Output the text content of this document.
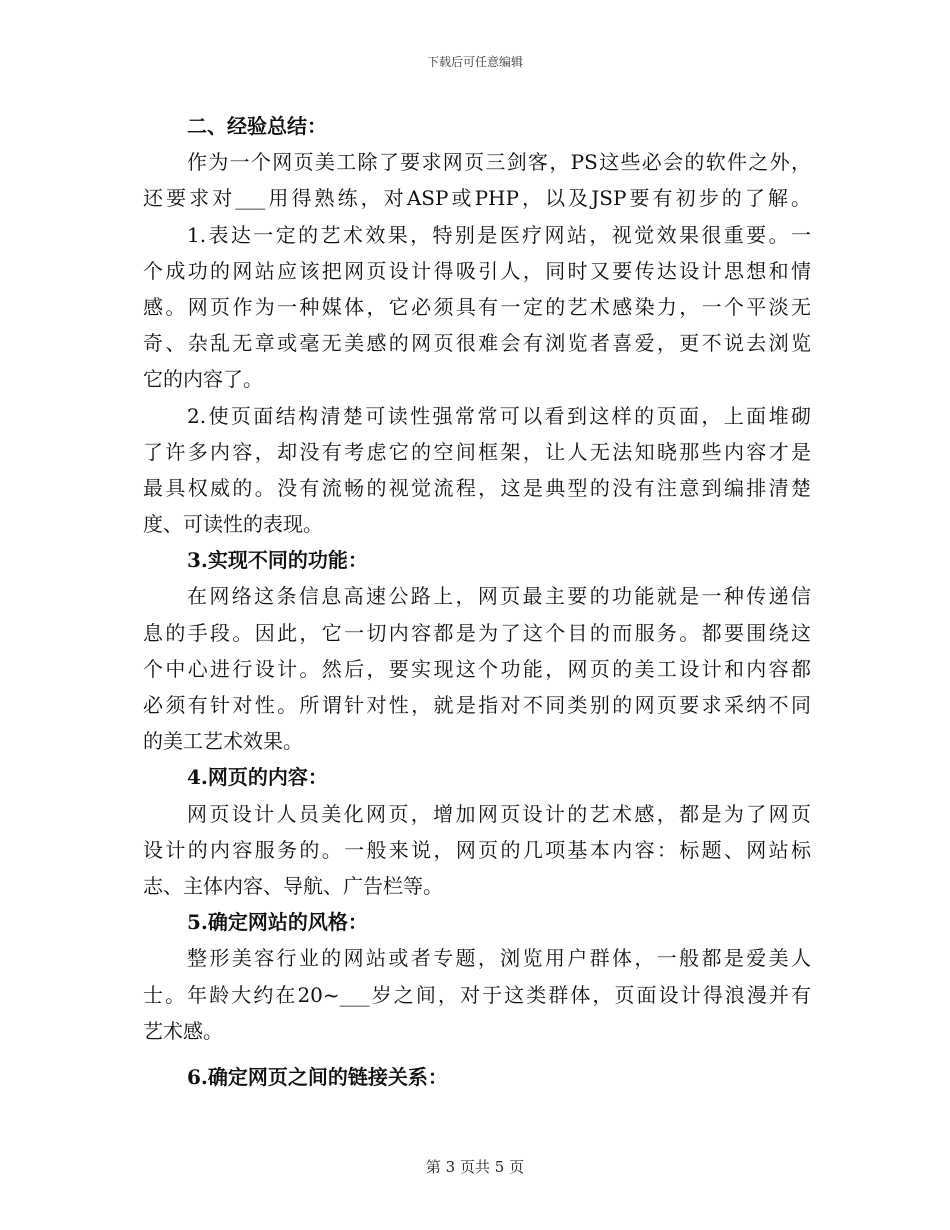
下载后可任意编辑
二、经验总结：
作为一个网页美工除了要求网页三剑客，PS这些必会的软件之外，
还要求对___用得熟练，对ASP或PHP，以及JSP要有初步的了解。
1.表达一定的艺术效果，特别是医疗网站，视觉效果很重要。一
个成功的网站应该把网页设计得吸引人，同时又要传达设计思想和情
感。网页作为一种媒体，它必须具有一定的艺术感染力，一个平淡无
奇、杂乱无章或毫无美感的网页很难会有浏览者喜爱，更不说去浏览
它的内容了。
2.使页面结构清楚可读性强常常可以看到这样的页面，上面堆砌
了许多内容，却没有考虑它的空间框架，让人无法知晓那些内容才是
最具权威的。没有流畅的视觉流程，这是典型的没有注意到编排清楚
度、可读性的表现。
3.实现不同的功能：
在网络这条信息高速公路上，网页最主要的功能就是一种传递信
息的手段。因此，它一切内容都是为了这个目的而服务。都要围绕这
个中心进行设计。然后，要实现这个功能，网页的美工设计和内容都
必须有针对性。所谓针对性，就是指对不同类别的网页要求采纳不同
的美工艺术效果。
4.网页的内容：
网页设计人员美化网页，增加网页设计的艺术感，都是为了网页
设计的内容服务的。一般来说，网页的几项基本内容：标题、网站标
志、主体内容、导航、广告栏等。
5.确定网站的风格：
整形美容行业的网站或者专题，浏览用户群体，一般都是爱美人
士。年龄大约在20~___岁之间，对于这类群体，页面设计得浪漫并有
艺术感。
6.确定网页之间的链接关系：
第 3 页共 5 页
